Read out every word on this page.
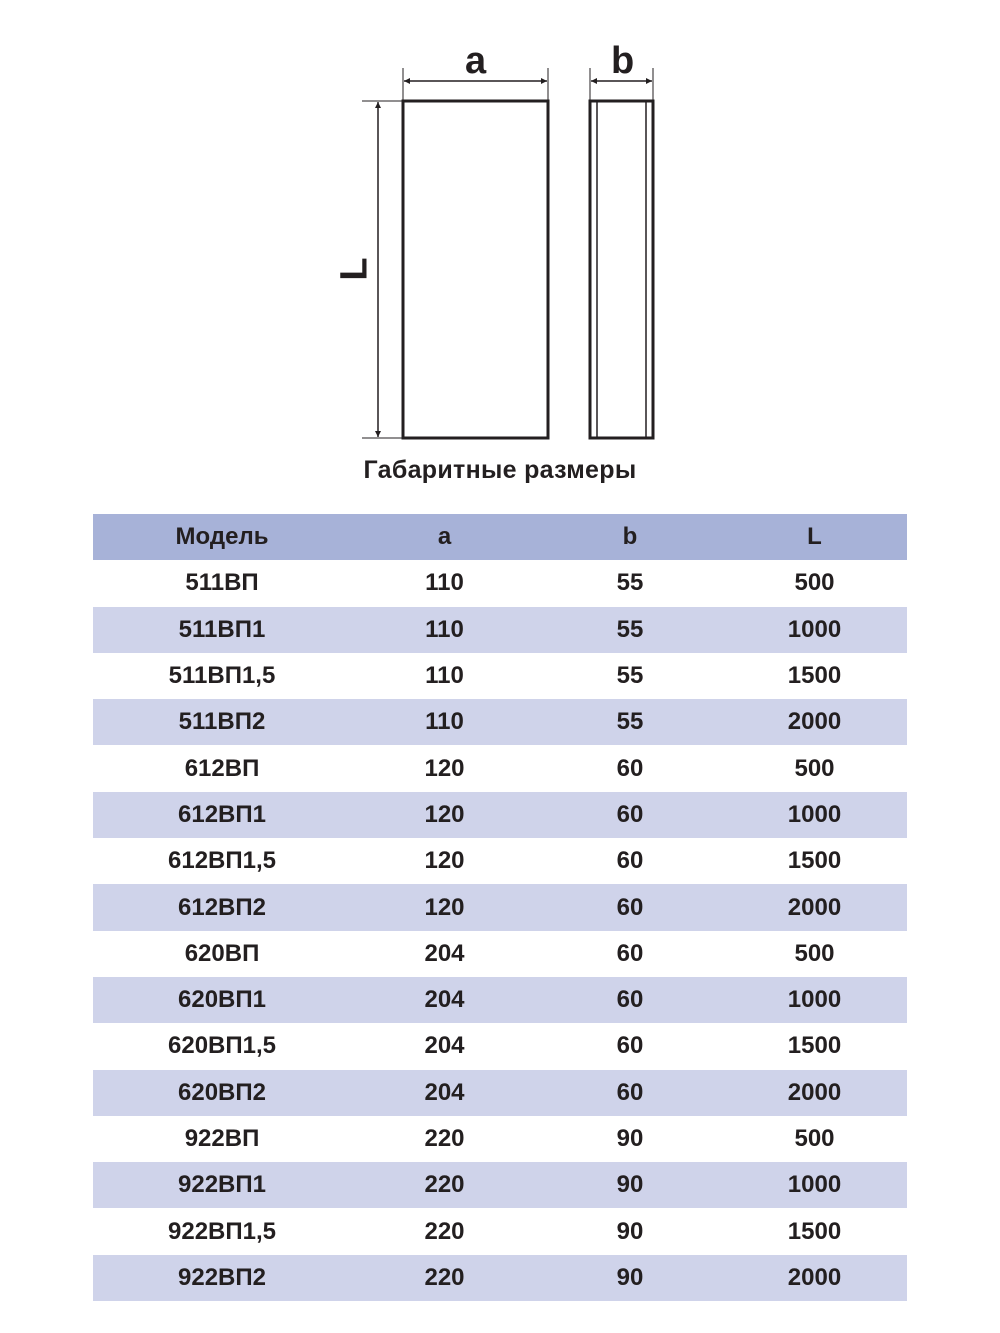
a	b
L
Габаритные размеры
Модель	a	b	L
511ВП	110	55	500
511ВП1	110	55	1000
511ВП1,5	110	55	1500
511ВП2	110	55	2000
612ВП	120	60	500
612ВП1	120	60	1000
612ВП1,5	120	60	1500
612ВП2	120	60	2000
620ВП	204	60	500
620ВП1	204	60	1000
620ВП1,5	204	60	1500
620ВП2	204	60	2000
922ВП	220	90	500
922ВП1	220	90	1000
922ВП1,5	220	90	1500
922ВП2	220	90	2000
